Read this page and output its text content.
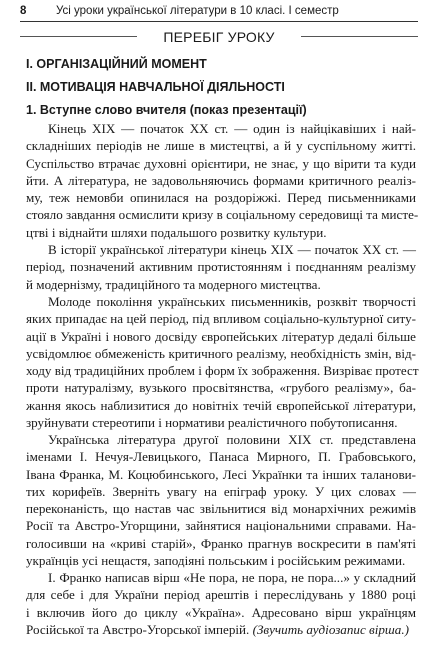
8	Усі уроки української літератури в 10 класі. I семестр
ПЕРЕБІГ УРОКУ
І. ОРГАНІЗАЦІЙНИЙ МОМЕНТ
ІІ. МОТИВАЦІЯ НАВЧАЛЬНОЇ ДІЯЛЬНОСТІ
1. Вступне слово вчителя (показ презентації)
Кінець XIX — початок XX ст. — один із найцікавіших і най-
складніших періодів не лише в мистецтві, а й у суспільному житті.
Суспільство втрачає духовні орієнтири, не знає, у що вірити та куди
йти. А література, не задовольняючись формами критичного реаліз-
му, теж немовби опинилася на роздоріжжі. Перед письменниками
стояло завдання осмислити кризу в соціальному середовищі та мисте-
цтві і віднайти шляхи подальшого розвитку культури.
В історії української літератури кінець XIX — початок XX ст. —
період, позначений активним протистоянням і поєднанням реалізму
й модернізму, традиційного та модерного мистецтва.
Молоде покоління українських письменників, розквіт творчості
яких припадає на цей період, під впливом соціально-культурної ситу-
ації в Україні і нового досвіду європейських літератур дедалі більше
усвідомлює обмеженість критичного реалізму, необхідність змін, від-
ходу від традиційних проблем і форм їх зображення. Визріває протест
проти натуралізму, вузького просвітянства, «грубого реалізму», ба-
жання якось наблизитися до новітніх течій європейської літератури,
зруйнувати стереотипи і нормативи реалістичного побутописання.
Українська література другої половини XIX ст. представлена
іменами І. Нечуя-Левицького, Панаса Мирного, П. Грабовського,
Івана Франка, М. Коцюбинського, Лесі Українки та інших таланови-
тих корифеїв. Зверніть увагу на епіграф уроку. У цих словах —
переконаність, що настав час звільнитися від монархічних режимів
Росії та Австро-Угорщини, зайнятися національними справами. На-
голосивши на «криві старій», Франко прагнув воскресити в пам'яті
українців усі нещастя, заподіяні польським і російським режимами.
І. Франко написав вірш «Не пора, не пора, не пора...» у складний
для себе і для України період арештів і переслідувань у 1880 році
і включив його до циклу «Україна». Адресовано вірш українцям
Російської та Австро-Угорської імперій. (Звучить аудіозапис вірша.)
